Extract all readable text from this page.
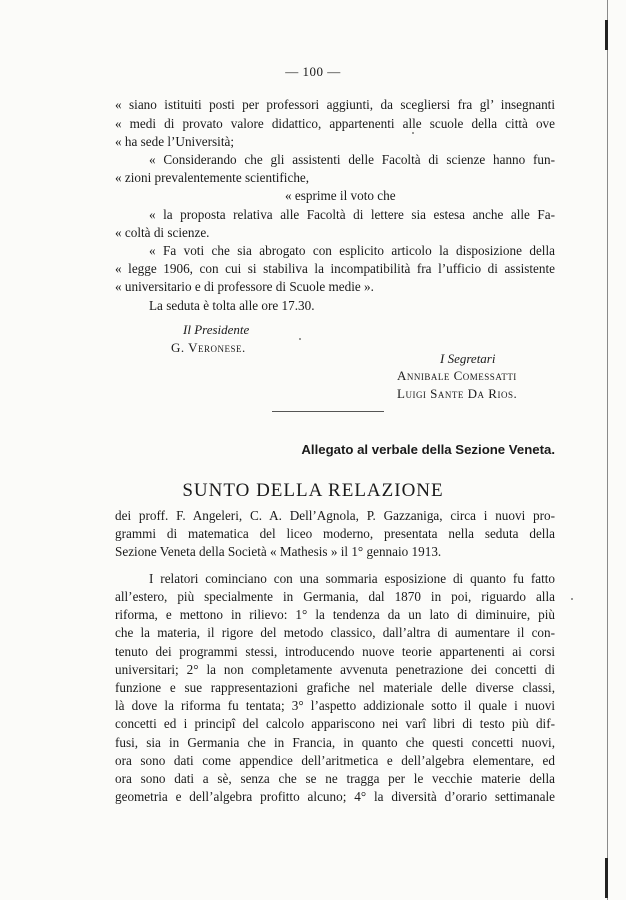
— 100 —
« siano istituiti posti per professori aggiunti, da scegliersi fra gl’ insegnanti
« medi di provato valore didattico, appartenenti alle scuole della città ove
« ha sede l’Università;
« Considerando che gli assistenti delle Facoltà di scienze hanno fun-
« zioni prevalentemente scientifiche,
« esprime il voto che
« la proposta relativa alle Facoltà di lettere sia estesa anche alle Fa-
« coltà di scienze.
« Fa voti che sia abrogato con esplicito articolo la disposizione della
« legge 1906, con cui si stabiliva la incompatibilità fra l’ufficio di assistente
« universitario e di professore di Scuole medie ».
La seduta è tolta alle ore 17.30.
Il Presidente
G. Veronese.
I Segretari
Annibale Comessatti
Luigi Sante Da Rios.
Allegato al verbale della Sezione Veneta.
SUNTO DELLA RELAZIONE
dei proff. F. Angeleri, C. A. Dell’Agnola, P. Gazzaniga, circa i nuovi pro-
grammi di matematica del liceo moderno, presentata nella seduta della
Sezione Veneta della Società « Mathesis » il 1° gennaio 1913.
I relatori cominciano con una sommaria esposizione di quanto fu fatto
all’estero, più specialmente in Germania, dal 1870 in poi, riguardo alla
riforma, e mettono in rilievo: 1° la tendenza da un lato di diminuire, più
che la materia, il rigore del metodo classico, dall’altra di aumentare il con-
tenuto dei programmi stessi, introducendo nuove teorie appartenenti ai corsi
universitari; 2° la non completamente avvenuta penetrazione dei concetti di
funzione e sue rappresentazioni grafiche nel materiale delle diverse classi,
là dove la riforma fu tentata; 3° l’aspetto addizionale sotto il quale i nuovi
concetti ed i principî del calcolo appariscono nei varî libri di testo più dif-
fusi, sia in Germania che in Francia, in quanto che questi concetti nuovi,
ora sono dati come appendice dell’aritmetica e dell’algebra elementare, ed
ora sono dati a sè, senza che se ne tragga per le vecchie materie della
geometria e dell’algebra profitto alcuno; 4° la diversità d’orario settimanale
